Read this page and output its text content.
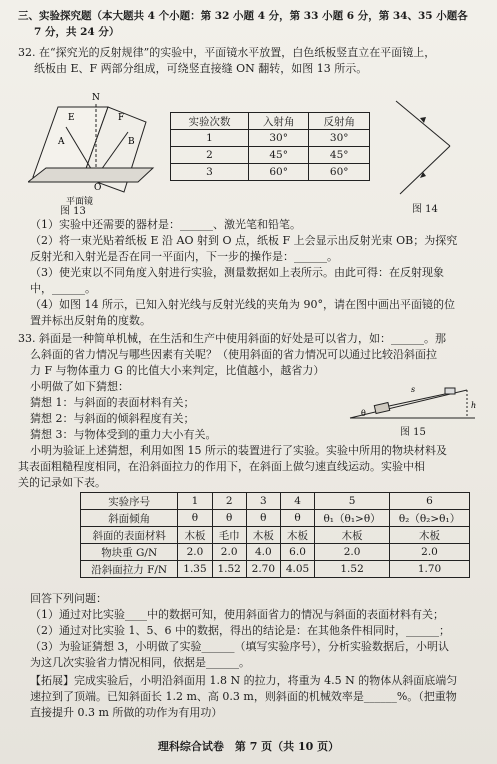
三、实验探究题（本大题共 4 个小题：第 32 小题 4 分，第 33 小题 6 分，第 34、35 小题各
7 分，共 24 分）
32. 在“探究光的反射规律”的实验中，平面镜水平放置，白色纸板竖直立在平面镜上，
纸板由 E、F 两部分组成，可绕竖直接缝 ON 翻转，如图 13 所示。
N
E	F
A	B
O
平面镜
图 13
实验次数	入射角	反射角
1	30°	30°
2	45°	45°
3	60°	60°
图 14
（1）实验中还需要的器材是：______、激光笔和铅笔。
（2）将一束光贴着纸板 E 沿 AO 射到 O 点，纸板 F 上会显示出反射光束 OB；为探究
反射光和入射光是否在同一平面内，下一步的操作是：______。
（3）使光束以不同角度入射进行实验，测量数据如上表所示。由此可得：在反射现象
中，______。
（4）如图 14 所示，已知入射光线与反射光线的夹角为 90°，请在图中画出平面镜的位
置并标出反射角的度数。
33. 斜面是一种简单机械，在生活和生产中使用斜面的好处是可以省力，如：______。那
么斜面的省力情况与哪些因素有关呢？（使用斜面的省力情况可以通过比较沿斜面拉
力 F 与物体重力 G 的比值大小来判定，比值越小，越省力）
小明做了如下猜想：
猜想 1：与斜面的表面材料有关；
猜想 2：与斜面的倾斜程度有关；
猜想 3：与物体受到的重力大小有关。
s
h
θ
图 15
小明为验证上述猜想，利用如图 15 所示的装置进行了实验。实验中所用的物块材料及
其表面粗糙程度相同，在沿斜面拉力的作用下，在斜面上做匀速直线运动。实验中相
关的记录如下表。
实验序号	1	2	3	4	5	6
斜面倾角	θ	θ	θ	θ	θ₁（θ₁>θ）	θ₂（θ₂>θ₁）
斜面的表面材料	木板	毛巾	木板	木板	木板	木板
物块重 G/N	2.0	2.0	4.0	6.0	2.0	2.0
沿斜面拉力 F/N	1.35	1.52	2.70	4.05	1.52	1.70
回答下列问题：
（1）通过对比实验____中的数据可知，使用斜面省力的情况与斜面的表面材料有关；
（2）通过对比实验 1、5、6 中的数据，得出的结论是：在其他条件相同时，______；
（3）为验证猜想 3，小明做了实验______（填写实验序号），分析实验数据后，小明认
为这几次实验省力情况相同，依据是______。
【拓展】完成实验后，小明沿斜面用 1.8 N 的拉力，将重为 4.5 N 的物体从斜面底端匀
速拉到了顶端。已知斜面长 1.2 m、高 0.3 m，则斜面的机械效率是______%。（把重物
直接提升 0.3 m 所做的功作为有用功）
理科综合试卷　第 7 页（共 10 页）
